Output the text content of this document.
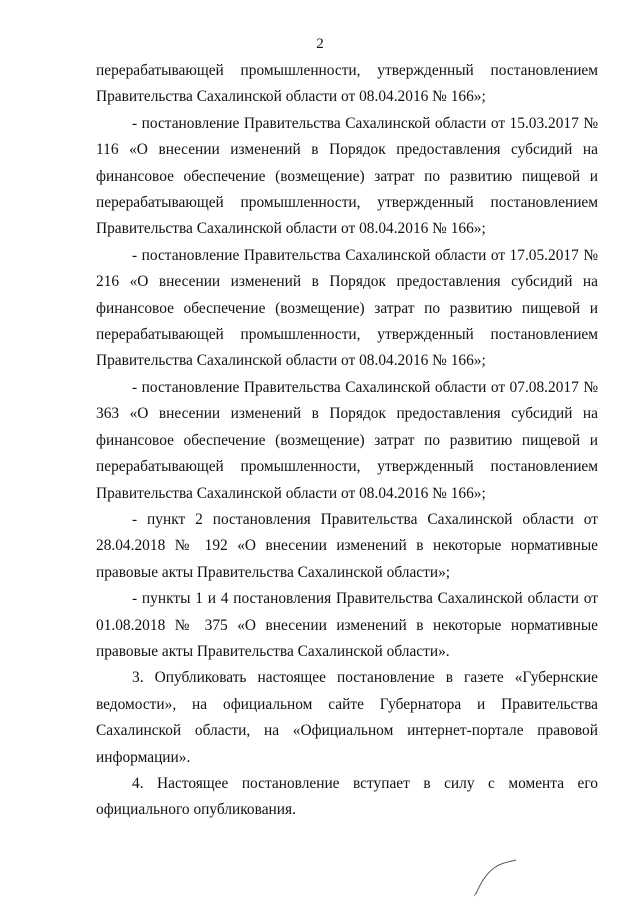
2

перерабатывающей промышленности, утвержденный постановлением Правительства Сахалинской области от 08.04.2016 № 166»;

- постановление Правительства Сахалинской области от 15.03.2017 № 116 «О внесении изменений в Порядок предоставления субсидий на финансовое обеспечение (возмещение) затрат по развитию пищевой и перерабатывающей промышленности, утвержденный постановлением Правительства Сахалинской области от 08.04.2016 № 166»;

- постановление Правительства Сахалинской области от 17.05.2017 № 216 «О внесении изменений в Порядок предоставления субсидий на финансовое обеспечение (возмещение) затрат по развитию пищевой и перерабатывающей промышленности, утвержденный постановлением Правительства Сахалинской области от 08.04.2016 № 166»;

- постановление Правительства Сахалинской области от 07.08.2017 № 363 «О внесении изменений в Порядок предоставления субсидий на финансовое обеспечение (возмещение) затрат по развитию пищевой и перерабатывающей промышленности, утвержденный постановлением Правительства Сахалинской области от 08.04.2016 № 166»;

- пункт 2 постановления Правительства Сахалинской области от 28.04.2018 № 192 «О внесении изменений в некоторые нормативные правовые акты Правительства Сахалинской области»;

- пункты 1 и 4 постановления Правительства Сахалинской области от 01.08.2018 № 375 «О внесении изменений в некоторые нормативные правовые акты Правительства Сахалинской области».

3. Опубликовать настоящее постановление в газете «Губернские ведомости», на официальном сайте Губернатора и Правительства Сахалинской области, на «Официальном интернет-портале правовой информации».

4. Настоящее постановление вступает в силу с момента его официального опубликования.
